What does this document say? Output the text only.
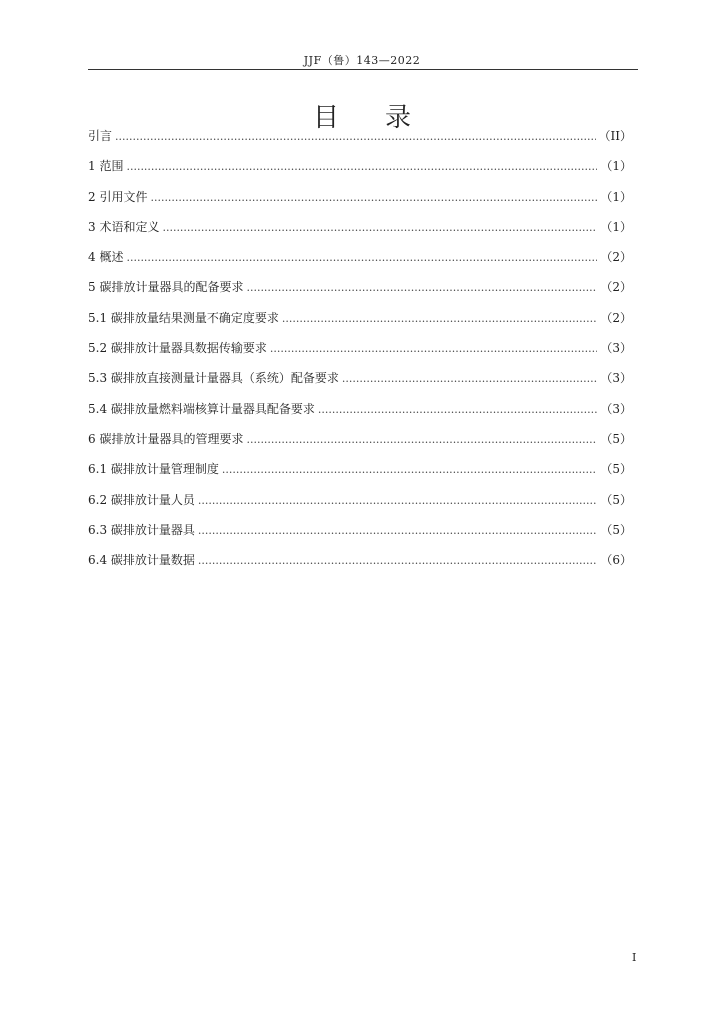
JJF（鲁）143—2022
目录
引言 .....	（II）
1 范围 .....	（1）
2 引用文件 .....	（1）
3 术语和定义 .....	（1）
4 概述 .....	（2）
5 碳排放计量器具的配备要求 .....	（2）
5.1 碳排放量结果测量不确定度要求 .....	（2）
5.2 碳排放计量器具数据传输要求 .....	（3）
5.3 碳排放直接测量计量器具（系统）配备要求 .....	（3）
5.4 碳排放量燃料端核算计量器具配备要求 .....	（3）
6 碳排放计量器具的管理要求 .....	（5）
6.1 碳排放计量管理制度 .....	（5）
6.2 碳排放计量人员 .....	（5）
6.3 碳排放计量器具 .....	（5）
6.4 碳排放计量数据 .....	（6）
I
